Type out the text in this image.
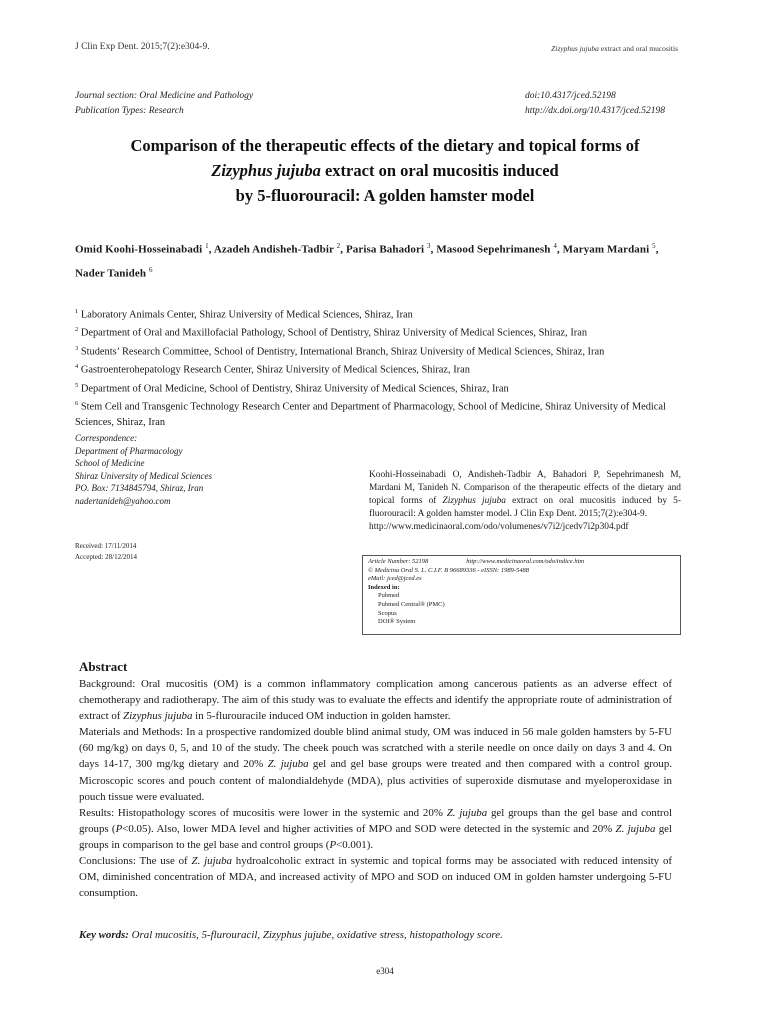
J Clin Exp Dent. 2015;7(2):e304-9.	Zizyphus jujuba extract and oral mucositis
Journal section: Oral Medicine and Pathology
Publication Types: Research
doi:10.4317/jced.52198
http://dx.doi.org/10.4317/jced.52198
Comparison of the therapeutic effects of the dietary and topical forms of
Zizyphus jujuba extract on oral mucositis induced
by 5-fluorouracil: A golden hamster model
Omid Koohi-Hosseinabadi $^1$, Azadeh Andisheh-Tadbir $^2$, Parisa Bahadori $^3$, Masood Sepehrimanesh $^4$, Maryam Mardani $^5$, Nader Tanideh $^6$
$^1$ Laboratory Animals Center, Shiraz University of Medical Sciences, Shiraz, Iran
$^2$ Department of Oral and Maxillofacial Pathology, School of Dentistry, Shiraz University of Medical Sciences, Shiraz, Iran
$^3$ Students’ Research Committee, School of Dentistry, International Branch, Shiraz University of Medical Sciences, Shiraz, Iran
$^4$ Gastroenterohepatology Research Center, Shiraz University of Medical Sciences, Shiraz, Iran
$^5$ Department of Oral Medicine, School of Dentistry, Shiraz University of Medical Sciences, Shiraz, Iran
$^6$ Stem Cell and Transgenic Technology Research Center and Department of Pharmacology, School of Medicine, Shiraz University of Medical Sciences, Shiraz, Iran
Correspondence:
Department of Pharmacology
School of Medicine
Shiraz University of Medical Sciences
PO. Box: 7134845794, Shiraz, Iran
nadertanideh@yahoo.com
Received: 17/11/2014
Accepted: 28/12/2014
Koohi-Hosseinabadi O, Andisheh-Tadbir A, Bahadori P, Sepehrimanesh M, Mardani M, Tanideh N. Comparison of the therapeutic effects of the dietary and topical forms of Zizyphus jujuba extract on oral mucositis induced by 5-fluorouracil: A golden hamster model. J Clin Exp Dent. 2015;7(2):e304-9.
http://www.medicinaoral.com/odo/volumenes/v7i2/jcedv7i2p304.pdf
Article Number: 52198	http://www.medicinaoral.com/odo/indice.htm
© Medicina Oral S. L. C.I.F. B 96689336 - eISSN: 1989-5488
eMail: jced@jced.es
Indexed in:
Pubmed
Pubmed Central® (PMC)
Scopus
DOI® System
Abstract

Background: Oral mucositis (OM) is a common inflammatory complication among cancerous patients as an adverse effect of chemotherapy and radiotherapy. The aim of this study was to evaluate the effects and identify the appropriate route of administration of extract of Zizyphus jujuba in 5-flurouracile induced OM induction in golden hamster.

Materials and Methods: In a prospective randomized double blind animal study, OM was induced in 56 male golden hamsters by 5-FU (60 mg/kg) on days 0, 5, and 10 of the study. The cheek pouch was scratched with a sterile needle on once daily on days 3 and 4. On days 14-17, 300 mg/kg dietary and 20% Z. jujuba gel and gel base groups were treated and then compared with a control group. Microscopic scores and pouch content of malondialdehyde (MDA), plus activities of superoxide dismutase and myeloperoxidase in pouch tissue were evaluated.

Results: Histopathology scores of mucositis were lower in the systemic and 20% Z. jujuba gel groups than the gel base and control groups (P<0.05). Also, lower MDA level and higher activities of MPO and SOD were detected in the systemic and 20% Z. jujuba gel groups in comparison to the gel base and control groups (P<0.001).

Conclusions: The use of Z. jujuba hydroalcoholic extract in systemic and topical forms may be associated with reduced intensity of OM, diminished concentration of MDA, and increased activity of MPO and SOD on induced OM in golden hamster undergoing 5-FU consumption.

Key words: Oral mucositis, 5-flurouracil, Zizyphus jujube, oxidative stress, histopathology score.
e304
